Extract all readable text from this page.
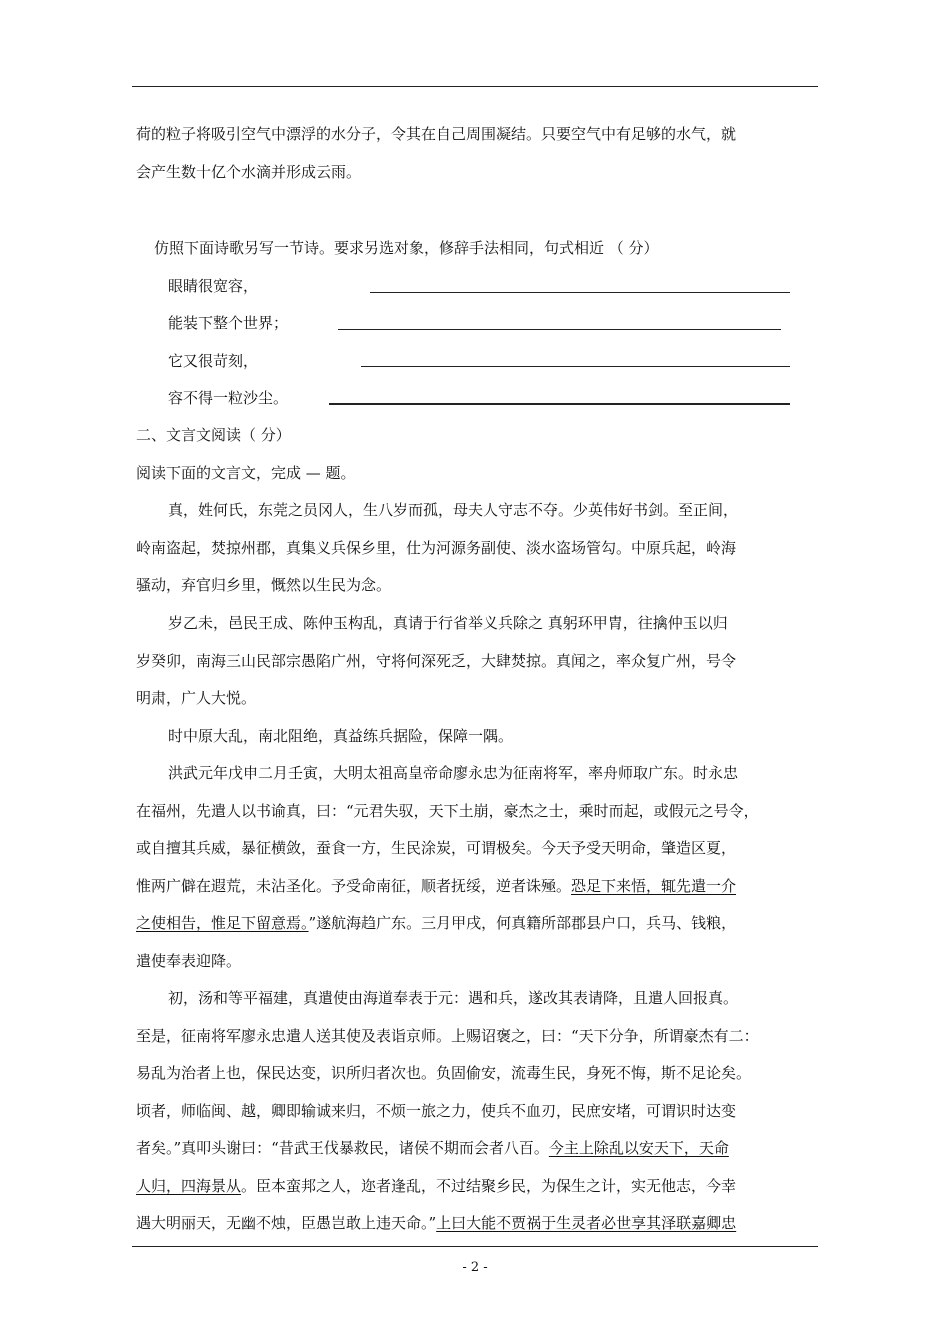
荷的粒子将吸引空气中漂浮的水分子，令其在自己周围凝结。只要空气中有足够的水气，就
会产生数十亿个水滴并形成云雨。
仿照下面诗歌另写一节诗。要求另选对象，修辞手法相同，句式相近 （ 分）
眼睛很宽容，
能装下整个世界；
它又很苛刻，
容不得一粒沙尘。
二、文言文阅读（ 分）
阅读下面的文言文，完成 — 题。
真，姓何氏，东莞之员冈人，生八岁而孤，母夫人守志不夺。少英伟好书剑。至正间，
岭南盗起，焚掠州郡，真集义兵保乡里，仕为河源务副使、淡水盗场管勾。中原兵起，岭海
骚动，弃官归乡里，慨然以生民为念。
岁乙未，邑民王成、陈仲玉构乱，真请于行省举义兵除之 真躬环甲胄，往擒仲玉以归
岁癸卯，南海三山民部宗愚陷广州，守将何深死乏，大肆焚掠。真闻之，率众复广州，号令
明肃，广人大悦。
时中原大乱，南北阻绝，真益练兵据险，保障一隅。
洪武元年戊申二月壬寅，大明太祖高皇帝命廖永忠为征南将军，率舟师取广东。时永忠
在福州，先遣人以书谕真，曰：“元君失驭，天下土崩，豪杰之士，乘时而起，或假元之号令，
或自擅其兵威，暴征横敛，蚕食一方，生民涂炭，可谓极矣。今天予受天明命，肇造区夏，
惟两广僻在遐荒，未沾圣化。予受命南征，顺者抚绥，逆者诛殛。恐足下来悟，辄先遣一介
之使相告，惟足下留意焉。”遂航海趋广东。三月甲戌，何真籍所部郡县户口，兵马、钱粮，
遣使奉表迎降。
初，汤和等平福建，真遣使由海道奉表于元：遇和兵，遂改其表请降，且遣人回报真。
至是，征南将军廖永忠遣人送其使及表诣京师。上赐诏褒之，曰：“天下分争，所谓豪杰有二：
易乱为治者上也，保民达变，识所归者次也。负固偷安，流毒生民，身死不悔，斯不足论矣。
顷者，师临闽、越，卿即输诚来归，不烦一旅之力，使兵不血刃，民庶安堵，可谓识时达变
者矣。”真叩头谢曰：“昔武王伐暴救民，诸侯不期而会者八百。今主上除乱以安天下，天命
人归，四海景从。臣本蛮邦之人，迩者逢乱，不过结聚乡民，为保生之计，实无他志，今幸
遇大明丽天，无幽不烛，臣愚岂敢上违天命。”上曰大能不贾祸于生灵者必世享其泽联嘉卿忠
- 2 -
